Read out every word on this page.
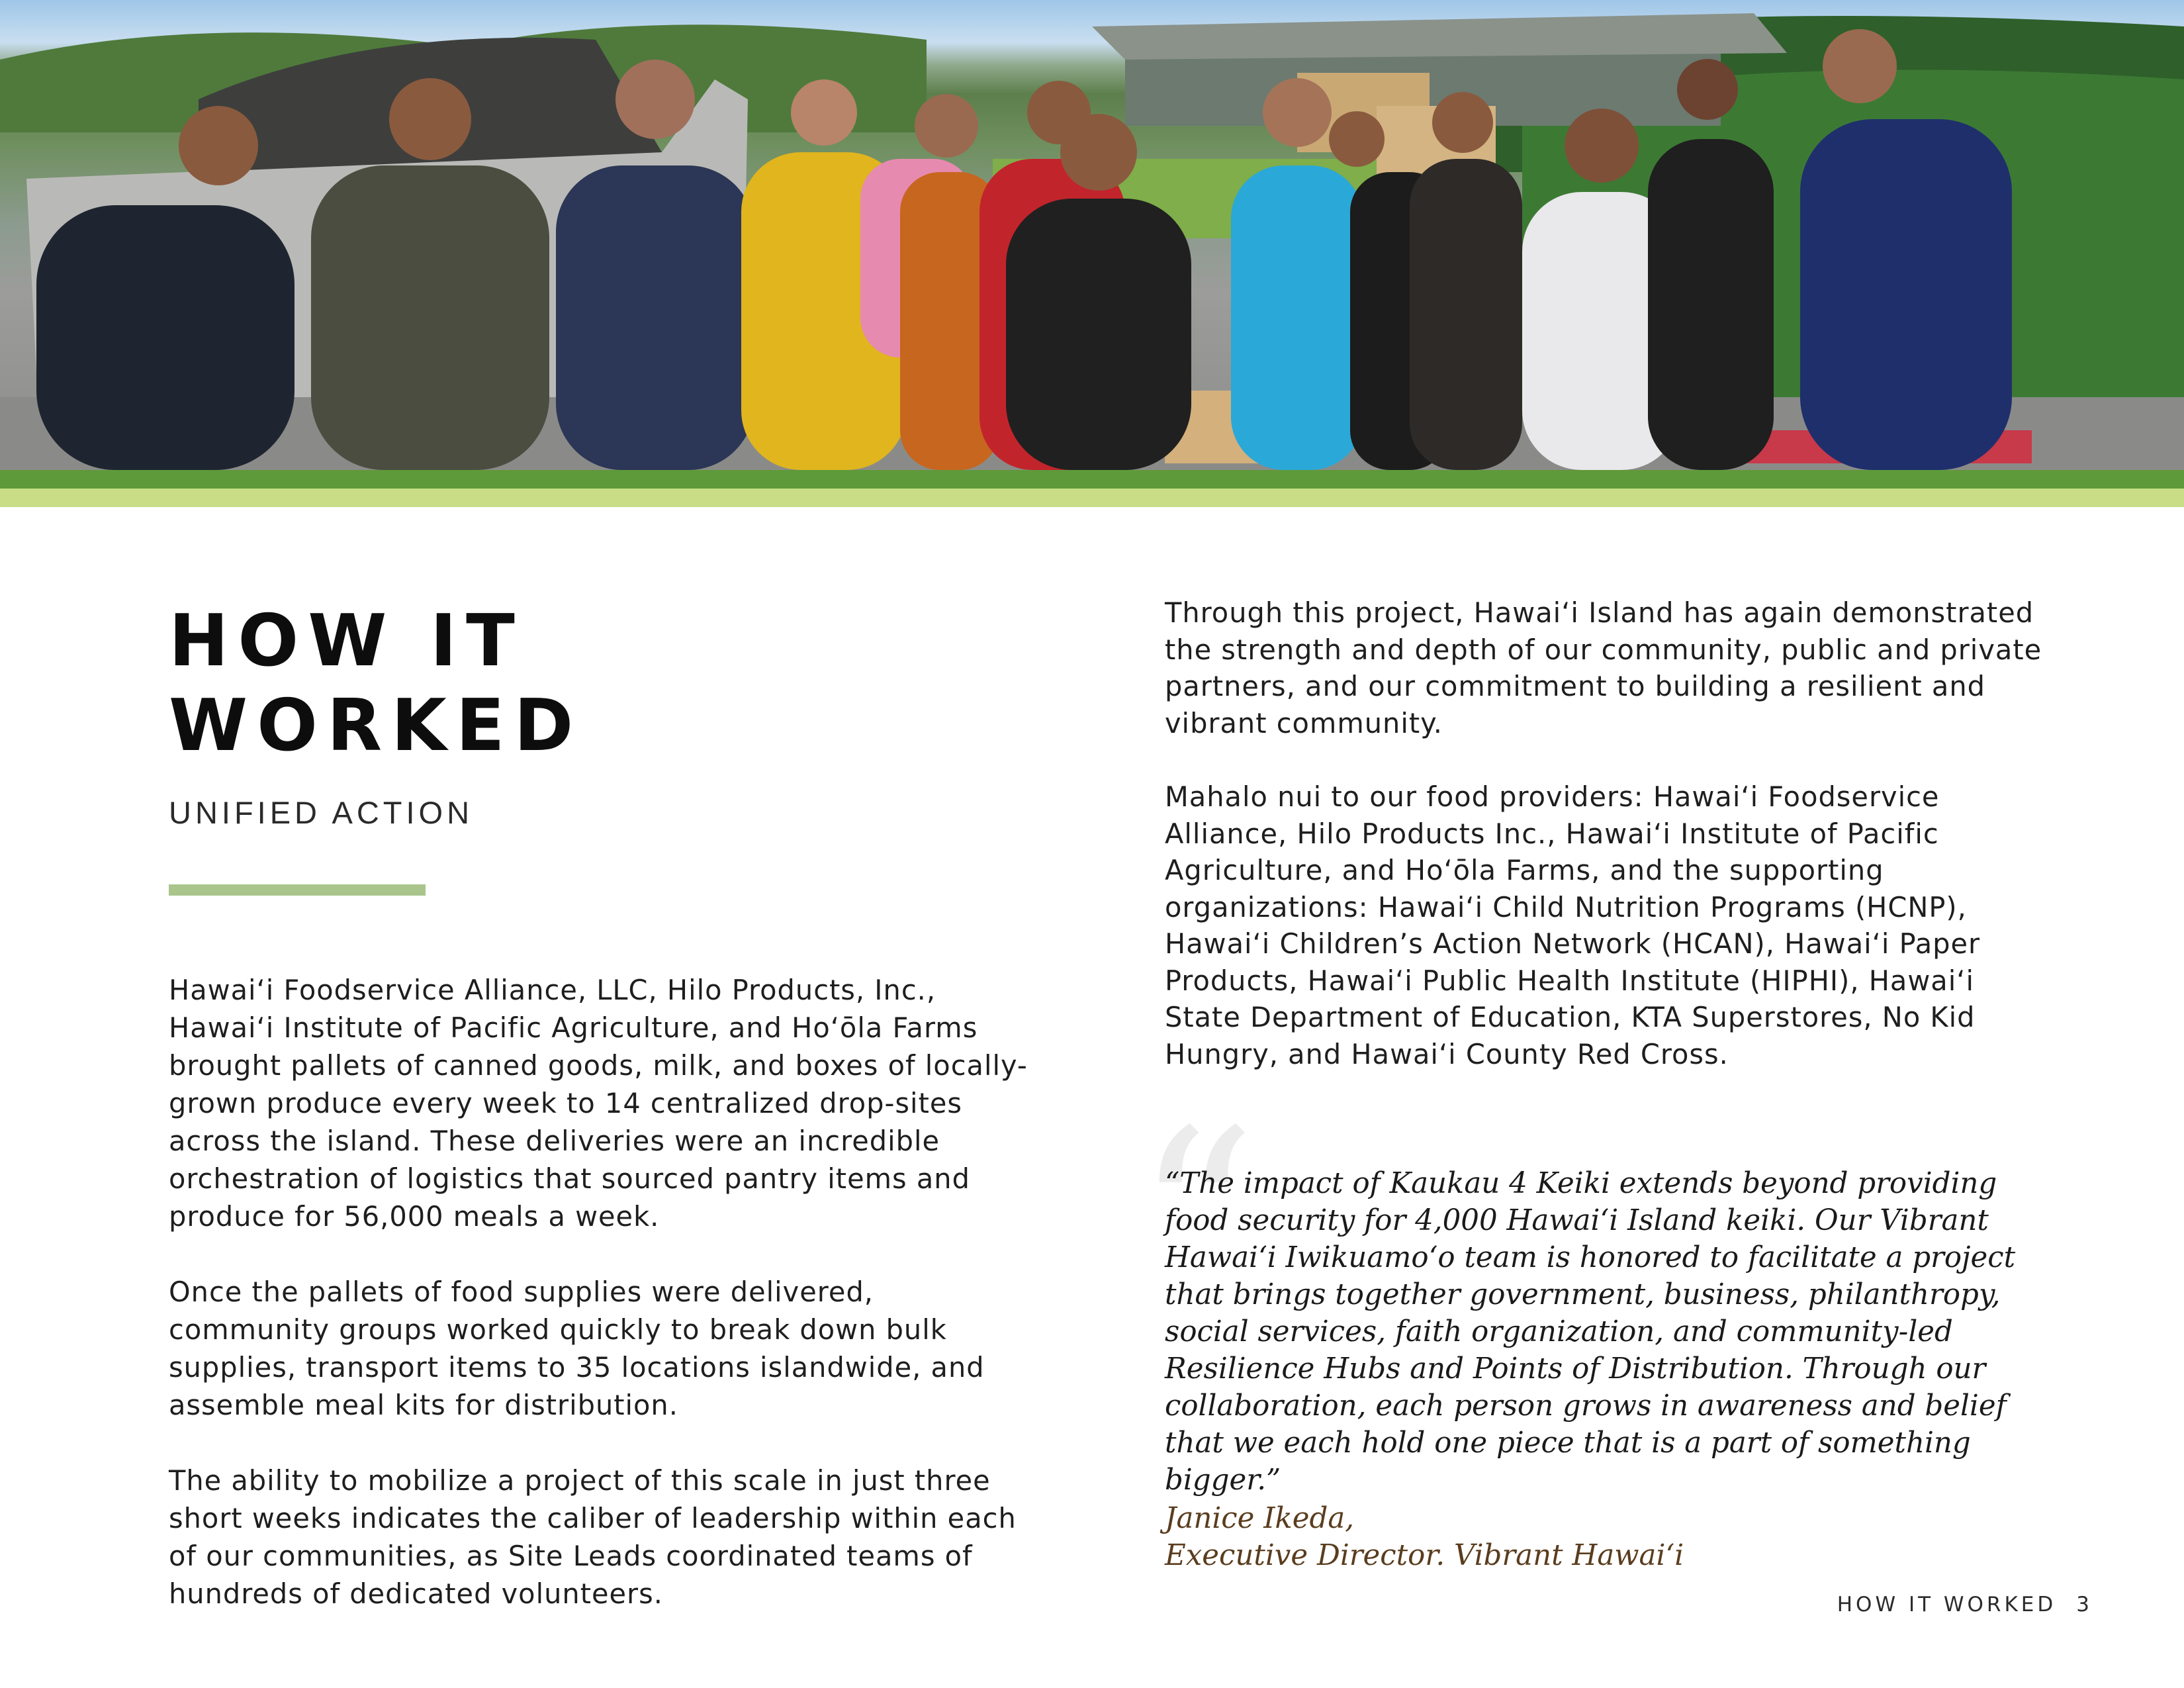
HOW IT
WORKED

UNIFIED ACTION

Hawai‘i Foodservice Alliance, LLC, Hilo Products, Inc., Hawai‘i Institute of Pacific Agriculture, and Ho‘ōla Farms brought pallets of canned goods, milk, and boxes of locally-grown produce every week to 14 centralized drop-sites across the island. These deliveries were an incredible orchestration of logistics that sourced pantry items and produce for 56,000 meals a week.

Once the pallets of food supplies were delivered, community groups worked quickly to break down bulk supplies, transport items to 35 locations islandwide, and assemble meal kits for distribution.

The ability to mobilize a project of this scale in just three short weeks indicates the caliber of leadership within each of our communities, as Site Leads coordinated teams of hundreds of dedicated volunteers.

Through this project, Hawai‘i Island has again demonstrated the strength and depth of our community, public and private partners, and our commitment to building a resilient and vibrant community.

Mahalo nui to our food providers: Hawai‘i Foodservice Alliance, Hilo Products Inc., Hawai‘i Institute of Pacific Agriculture, and Ho‘ōla Farms, and the supporting organizations: Hawai‘i Child Nutrition Programs (HCNP), Hawai‘i Children’s Action Network (HCAN), Hawai‘i Paper Products, Hawai‘i Public Health Institute (HIPHI), Hawai‘i State Department of Education, KTA Superstores, No Kid Hungry, and Hawai‘i County Red Cross.

“

“The impact of Kaukau 4 Keiki extends beyond providing food security for 4,000 Hawai‘i Island keiki. Our Vibrant Hawai‘i Iwikuamo‘o team is honored to facilitate a project that brings together government, business, philanthropy, social services, faith organization, and community-led Resilience Hubs and Points of Distribution. Through our collaboration, each person grows in awareness and belief that we each hold one piece that is a part of something bigger.”

Janice Ikeda,
Executive Director. Vibrant Hawai‘i

HOW IT WORKED 3
